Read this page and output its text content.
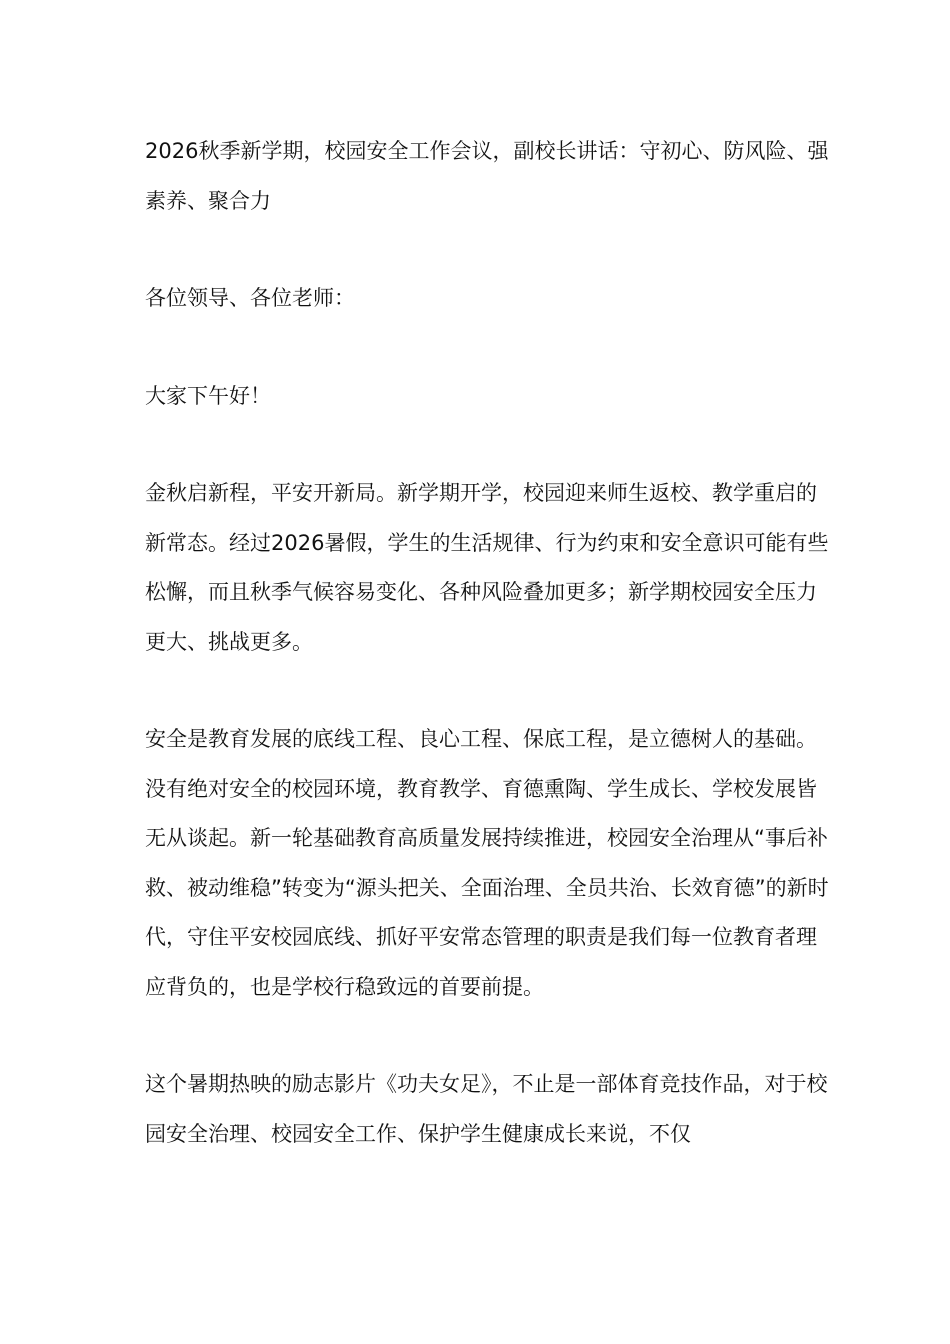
2026秋季新学期，校园安全工作会议，副校长讲话：守初心、防风险、强素养、聚合力

各位领导、各位老师：

大家下午好！

金秋启新程，平安开新局。新学期开学，校园迎来师生返校、教学重启的新常态。经过2026暑假，学生的生活规律、行为约束和安全意识可能有些松懈，而且秋季气候容易变化、各种风险叠加更多；新学期校园安全压力更大、挑战更多。

安全是教育发展的底线工程、良心工程、保底工程，是立德树人的基础。没有绝对安全的校园环境，教育教学、育德熏陶、学生成长、学校发展皆无从谈起。新一轮基础教育高质量发展持续推进，校园安全治理从“事后补救、被动维稳”转变为“源头把关、全面治理、全员共治、长效育德”的新时代，守住平安校园底线、抓好平安常态管理的职责是我们每一位教育者理应背负的，也是学校行稳致远的首要前提。

这个暑期热映的励志影片《功夫女足》，不止是一部体育竞技作品，对于校园安全治理、校园安全工作、保护学生健康成长来说，不仅
